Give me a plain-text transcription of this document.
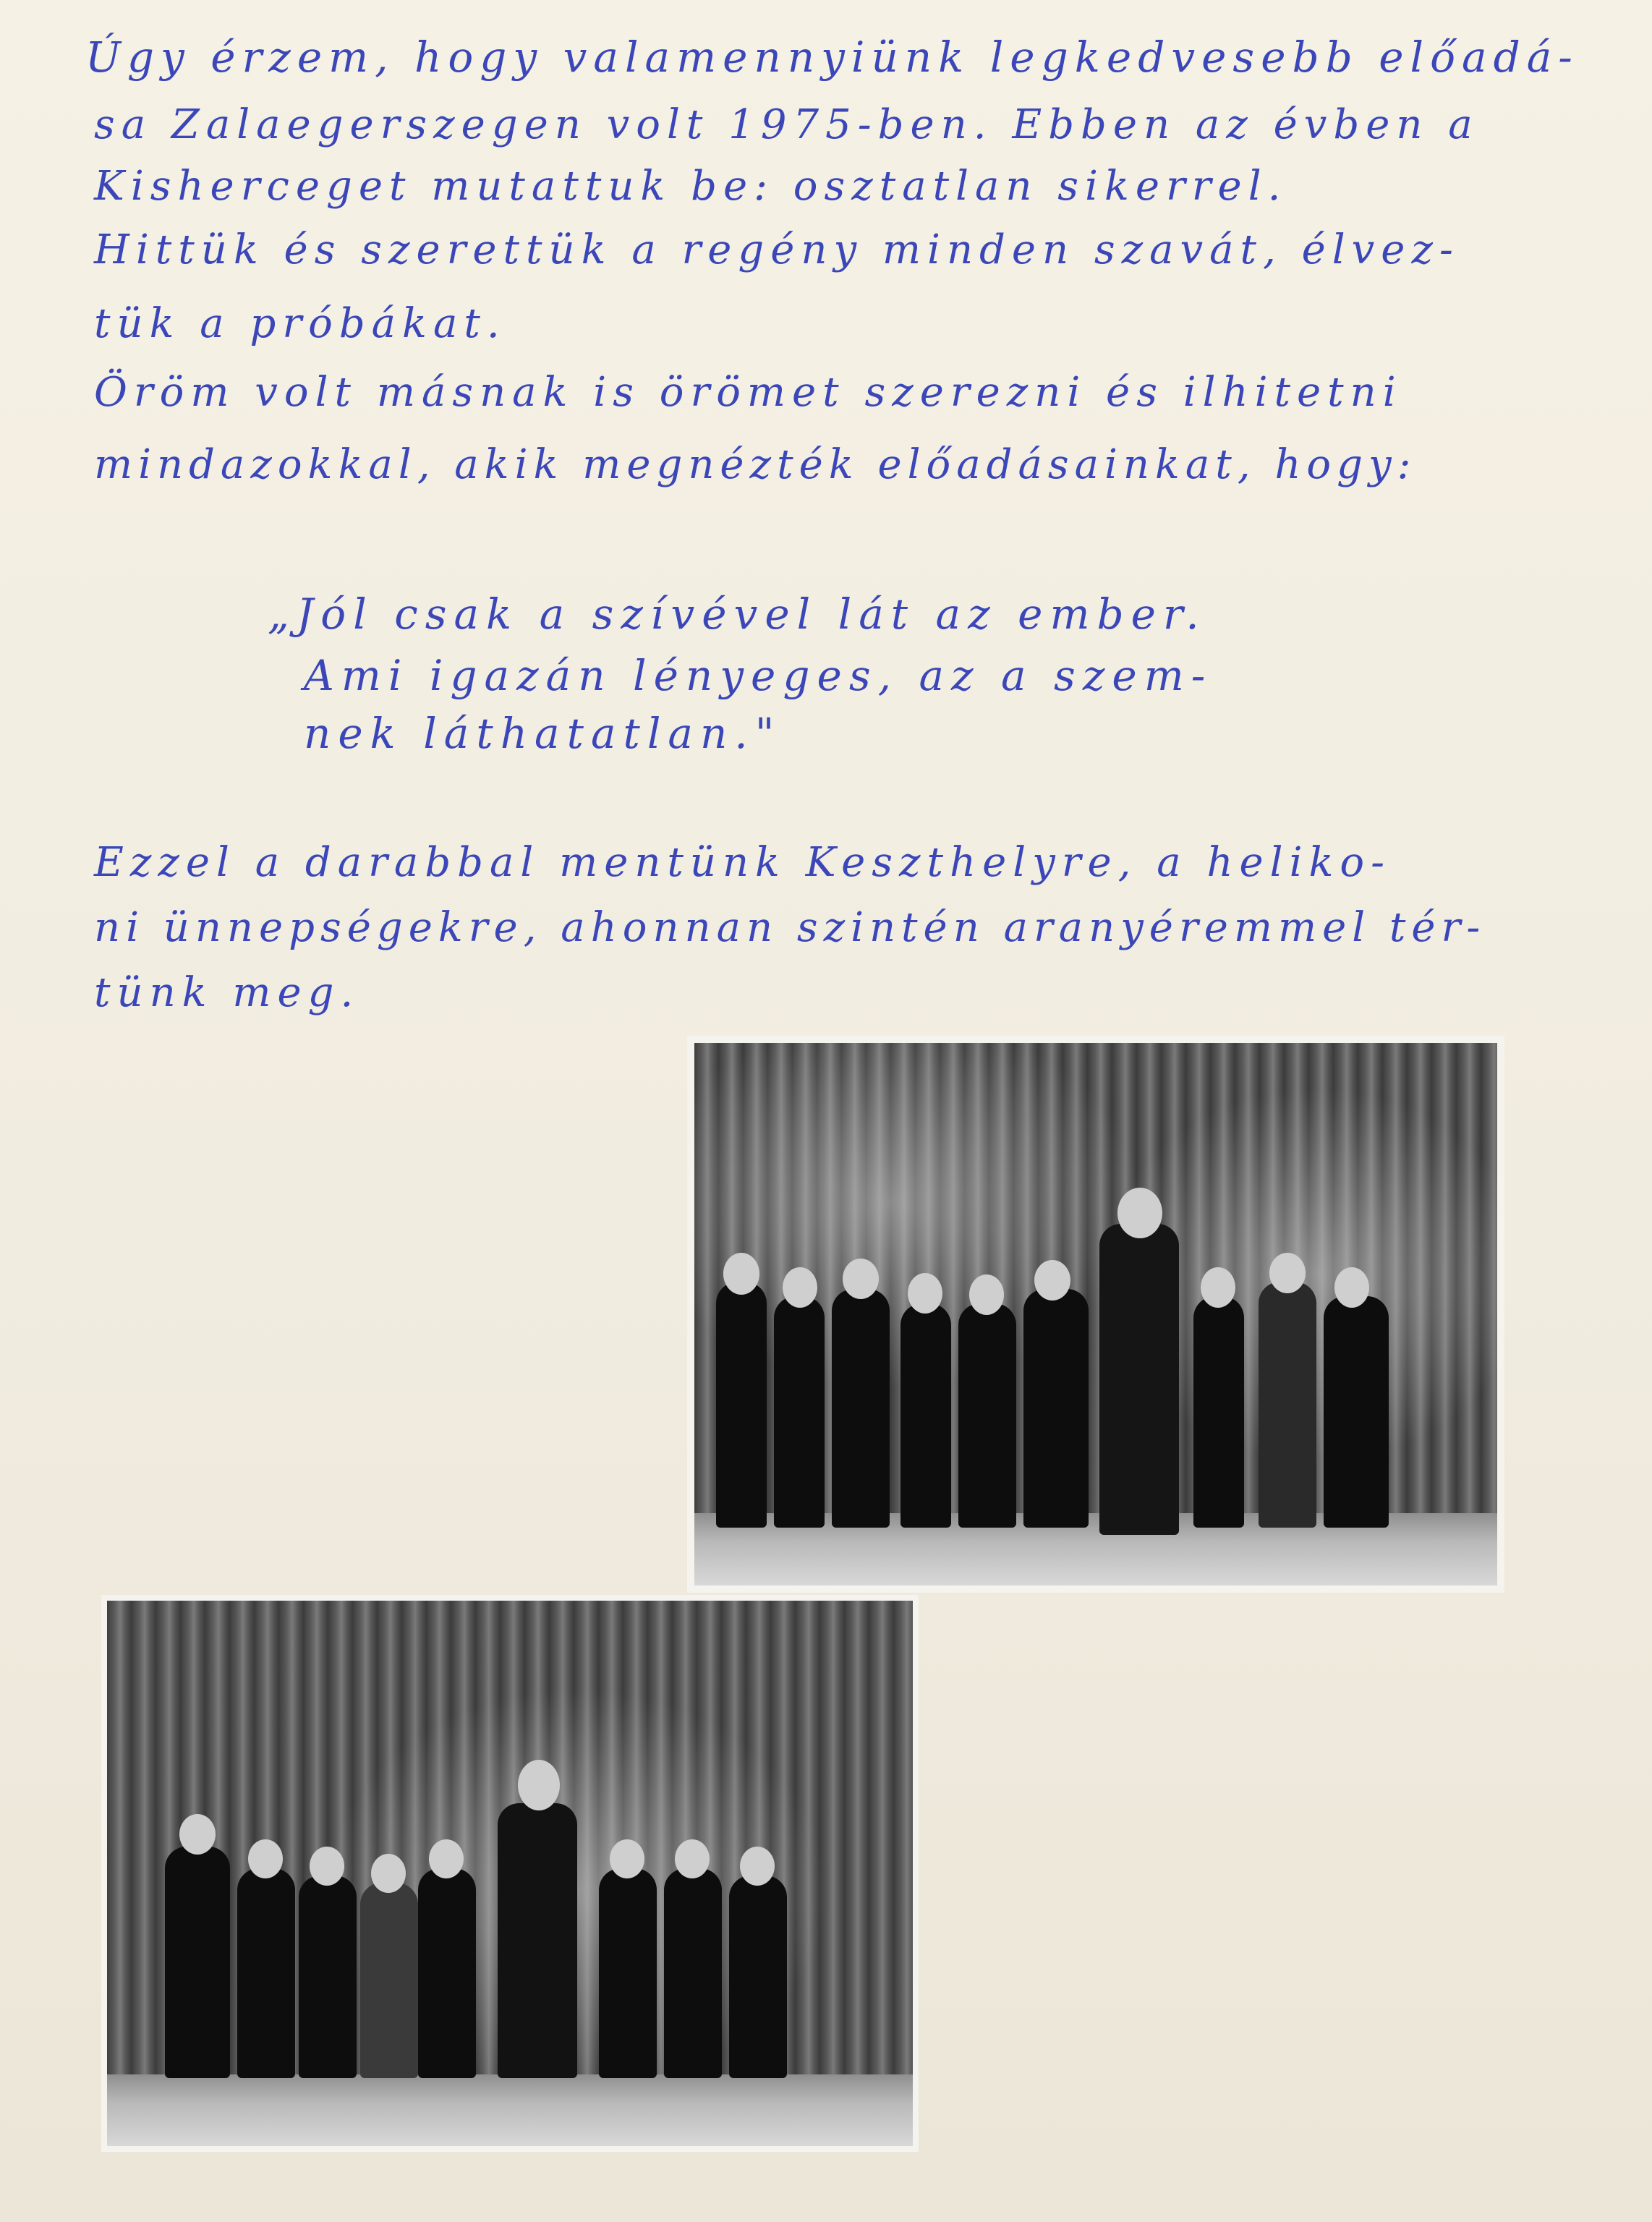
Úgy érzem, hogy valamennyiünk legkedvesebb előadá-
sa Zalaegerszegen volt 1975-ben. Ebben az évben a
Kisherceget mutattuk be: osztatlan sikerrel.
Hittük és szerettük a regény minden szavát, élvez-
tük a próbákat.
Öröm volt másnak is örömet szerezni és ilhitetni
mindazokkal, akik megnézték előadásainkat, hogy:
„Jól csak a szívével lát az ember.
Ami igazán lényeges, az a szem-
nek láthatatlan."
Ezzel a darabbal mentünk Keszthelyre, a heliko-
ni ünnepségekre, ahonnan szintén aranyéremmel tér-
tünk meg.
